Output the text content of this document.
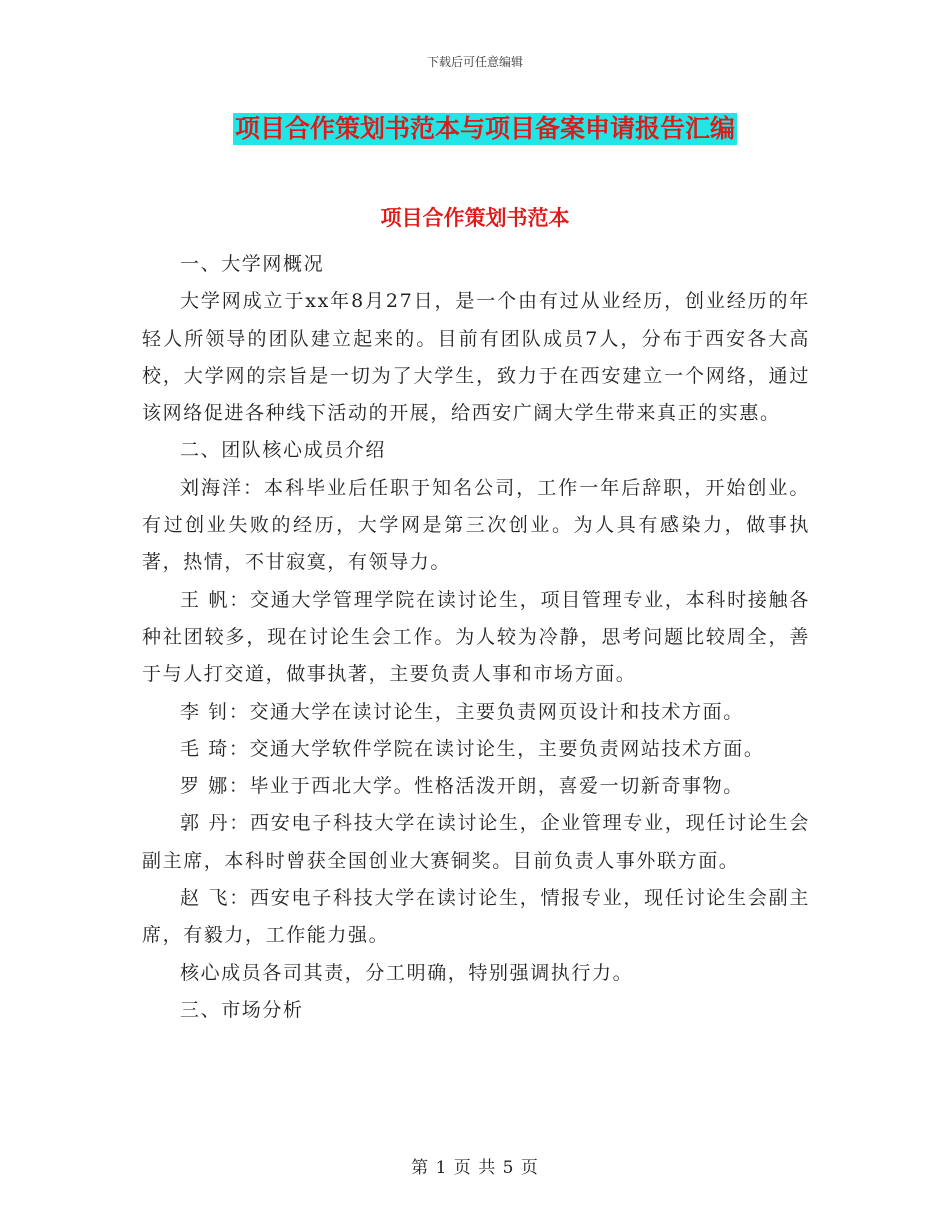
下载后可任意编辑
项目合作策划书范本与项目备案申请报告汇编
项目合作策划书范本

一、大学网概况

大学网成立于xx年8月27日，是一个由有过从业经历，创业经历的年轻人所领导的团队建立起来的。目前有团队成员7人，分布于西安各大高校，大学网的宗旨是一切为了大学生，致力于在西安建立一个网络，通过该网络促进各种线下活动的开展，给西安广阔大学生带来真正的实惠。

二、团队核心成员介绍

刘海洋：本科毕业后任职于知名公司，工作一年后辞职，开始创业。有过创业失败的经历，大学网是第三次创业。为人具有感染力，做事执著，热情，不甘寂寞，有领导力。

王 帆：交通大学管理学院在读讨论生，项目管理专业，本科时接触各种社团较多，现在讨论生会工作。为人较为冷静，思考问题比较周全，善于与人打交道，做事执著，主要负责人事和市场方面。

李 钊：交通大学在读讨论生，主要负责网页设计和技术方面。

毛 琦：交通大学软件学院在读讨论生，主要负责网站技术方面。

罗 娜：毕业于西北大学。性格活泼开朗，喜爱一切新奇事物。

郭 丹：西安电子科技大学在读讨论生，企业管理专业，现任讨论生会副主席，本科时曾获全国创业大赛铜奖。目前负责人事外联方面。

赵 飞：西安电子科技大学在读讨论生，情报专业，现任讨论生会副主席，有毅力，工作能力强。

核心成员各司其责，分工明确，特别强调执行力。

三、市场分析

第 1 页 共 5 页
